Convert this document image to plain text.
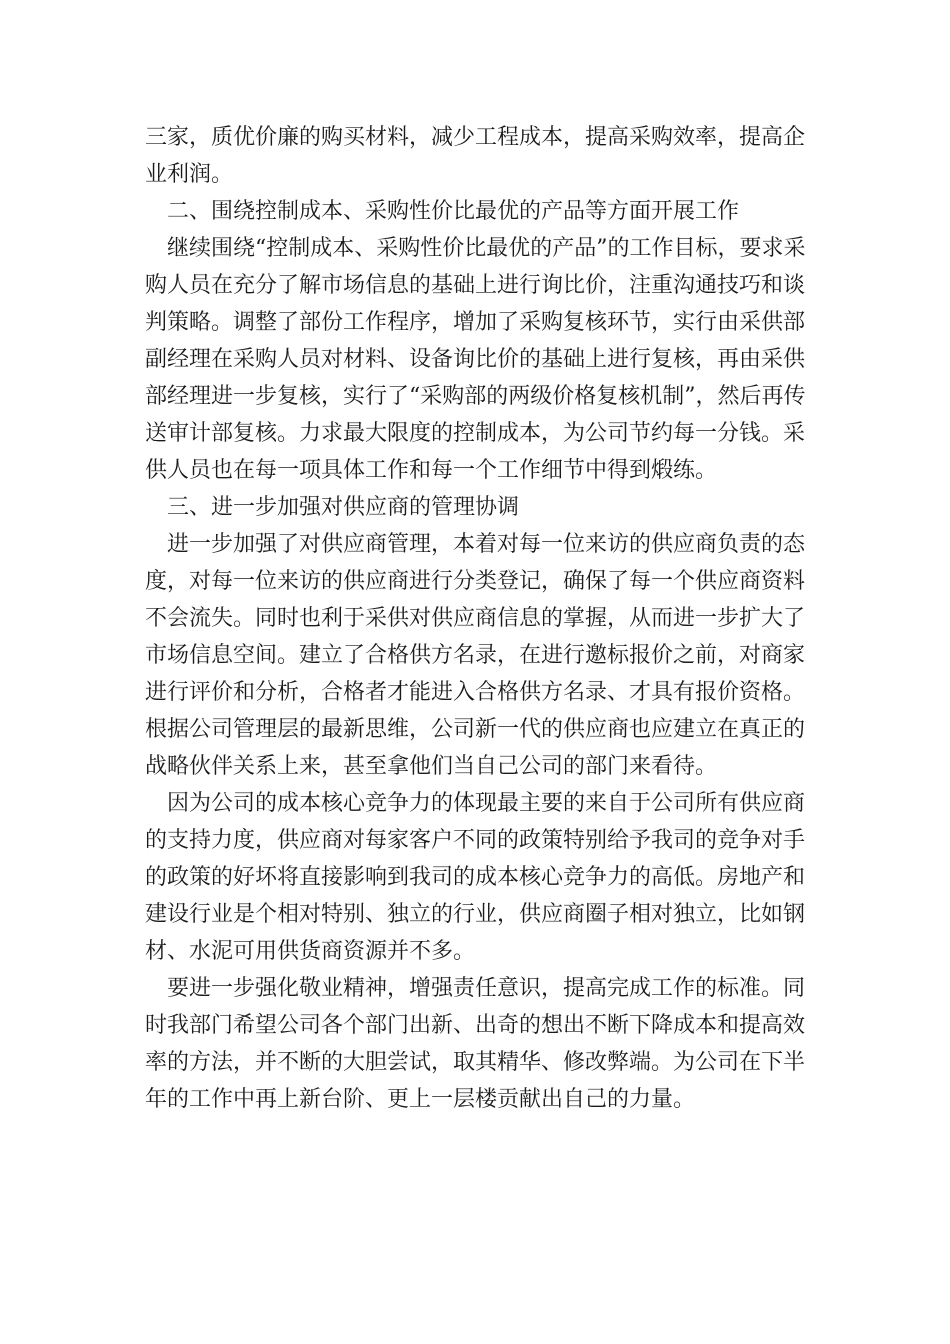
三家，质优价廉的购买材料，减少工程成本，提高采购效率，提高企业利润。

二、围绕控制成本、采购性价比最优的产品等方面开展工作

继续围绕“控制成本、采购性价比最优的产品”的工作目标，要求采购人员在充分了解市场信息的基础上进行询比价，注重沟通技巧和谈判策略。调整了部份工作程序，增加了采购复核环节，实行由采供部副经理在采购人员对材料、设备询比价的基础上进行复核，再由采供部经理进一步复核，实行了“采购部的两级价格复核机制”，然后再传送审计部复核。力求最大限度的控制成本，为公司节约每一分钱。采供人员也在每一项具体工作和每一个工作细节中得到煅练。

三、进一步加强对供应商的管理协调

进一步加强了对供应商管理，本着对每一位来访的供应商负责的态度，对每一位来访的供应商进行分类登记，确保了每一个供应商资料不会流失。同时也利于采供对供应商信息的掌握，从而进一步扩大了市场信息空间。建立了合格供方名录，在进行邀标报价之前，对商家进行评价和分析，合格者才能进入合格供方名录、才具有报价资格。根据公司管理层的最新思维，公司新一代的供应商也应建立在真正的战略伙伴关系上来，甚至拿他们当自己公司的部门来看待。

因为公司的成本核心竞争力的体现最主要的来自于公司所有供应商的支持力度，供应商对每家客户不同的政策特别给予我司的竞争对手的政策的好坏将直接影响到我司的成本核心竞争力的高低。房地产和建设行业是个相对特别、独立的行业，供应商圈子相对独立，比如钢材、水泥可用供货商资源并不多。

要进一步强化敬业精神，增强责任意识，提高完成工作的标准。同时我部门希望公司各个部门出新、出奇的想出不断下降成本和提高效率的方法，并不断的大胆尝试，取其精华、修改弊端。为公司在下半年的工作中再上新台阶、更上一层楼贡献出自己的力量。
